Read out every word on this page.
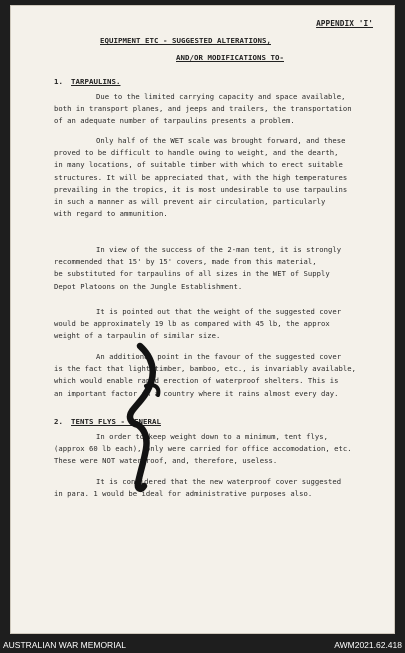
APPENDIX 'I'
EQUIPMENT ETC - SUGGESTED ALTERATIONS,
AND/OR MODIFICATIONS TO-
1. TARPAULINS.
Due to the limited carrying capacity and space available,
both in transport planes, and jeeps and trailers, the transportation
of an adequate number of tarpaulins presents a problem.
Only half of the WET scale was brought forward, and these
proved to be difficult to handle owing to weight, and the dearth,
in many locations, of suitable timber with which to erect suitable
structures. It will be appreciated that, with the high temperatures
prevailing in the tropics, it is most undesirable to use tarpaulins
in such a manner as will prevent air circulation, particularly
with regard to ammunition.
In view of the success of the 2-man tent, it is strongly
recommended that 15' by 15' covers, made from this material,
be substituted for tarpaulins of all sizes in the WET of Supply
Depot Platoons on the Jungle Establishment.
It is pointed out that the weight of the suggested cover
would be approximately 19 lb as compared with 45 lb, the approx
weight of a tarpaulin of similar size.
An additional point in the favour of the suggested cover
is the fact that light timber, bamboo, etc., is invariably available,
which would enable rapid erection of waterproof shelters. This is
an important factor in a country where it rains almost every day.
2. TENTS FLYS - GENERAL
In order to keep weight down to a minimum, tent flys,
(approx 60 lb each), only were carried for office accomodation, etc.
These were NOT waterproof, and, therefore, useless.
It is considered that the new waterproof cover suggested
in para. 1 would be ideal for administrative purposes also.
AUSTRALIAN WAR MEMORIAL	AWM2021.62.418
